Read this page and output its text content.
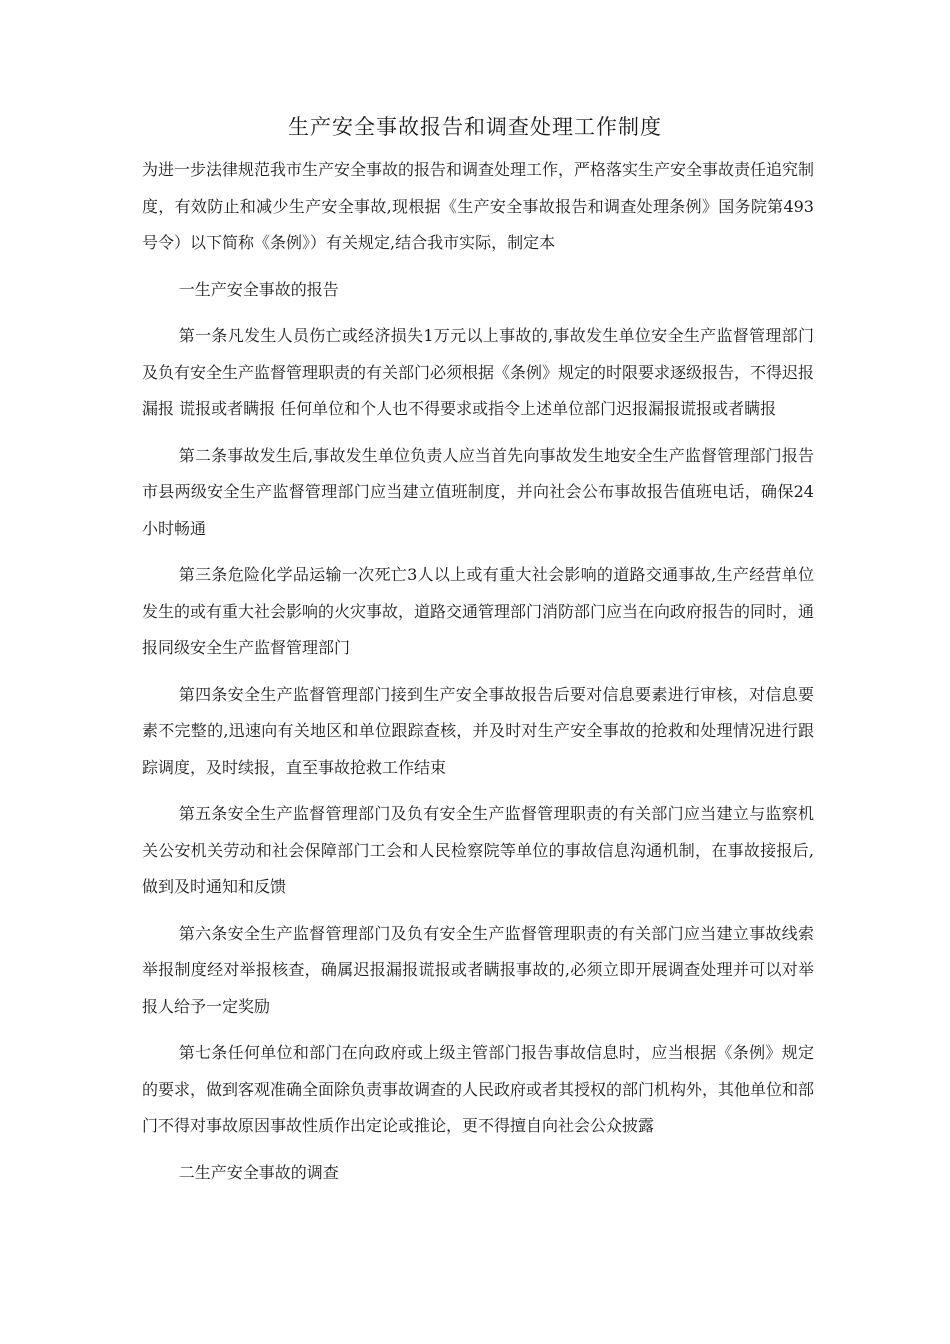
生产安全事故报告和调查处理工作制度

为进一步法律规范我市生产安全事故的报告和调查处理工作，严格落实生产安全事故责任追究制度，有效防止和减少生产安全事故,现根据《生产安全事故报告和调查处理条例》国务院第493号令）以下简称《条例》）有关规定,结合我市实际，制定本

一生产安全事故的报告

第一条凡发生人员伤亡或经济损失1万元以上事故的,事故发生单位安全生产监督管理部门及负有安全生产监督管理职责的有关部门必须根据《条例》规定的时限要求逐级报告，不得迟报漏报 谎报或者瞒报 任何单位和个人也不得要求或指令上述单位部门迟报漏报谎报或者瞒报

第二条事故发生后,事故发生单位负责人应当首先向事故发生地安全生产监督管理部门报告市县两级安全生产监督管理部门应当建立值班制度，并向社会公布事故报告值班电话，确保24小时畅通

第三条危险化学品运输一次死亡3人以上或有重大社会影响的道路交通事故,生产经营单位发生的或有重大社会影响的火灾事故，道路交通管理部门消防部门应当在向政府报告的同时，通报同级安全生产监督管理部门

第四条安全生产监督管理部门接到生产安全事故报告后要对信息要素进行审核，对信息要素不完整的,迅速向有关地区和单位跟踪查核，并及时对生产安全事故的抢救和处理情况进行跟踪调度，及时续报，直至事故抢救工作结束

第五条安全生产监督管理部门及负有安全生产监督管理职责的有关部门应当建立与监察机关公安机关劳动和社会保障部门工会和人民检察院等单位的事故信息沟通机制，在事故接报后,做到及时通知和反馈

第六条安全生产监督管理部门及负有安全生产监督管理职责的有关部门应当建立事故线索举报制度经对举报核查，确属迟报漏报谎报或者瞒报事故的,必须立即开展调查处理并可以对举报人给予一定奖励

第七条任何单位和部门在向政府或上级主管部门报告事故信息时，应当根据《条例》规定的要求，做到客观准确全面除负责事故调查的人民政府或者其授权的部门机构外，其他单位和部门不得对事故原因事故性质作出定论或推论，更不得擅自向社会公众披露

二生产安全事故的调查
